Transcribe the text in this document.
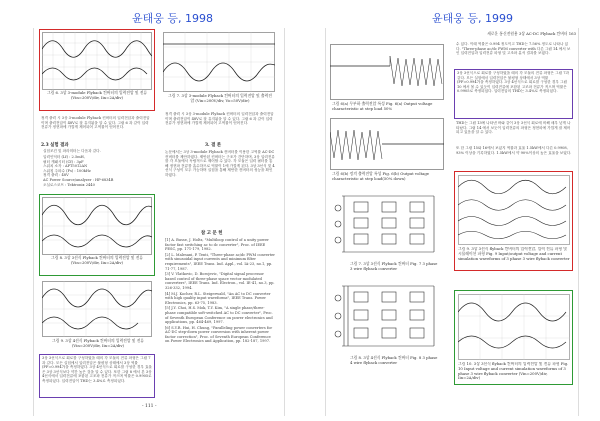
윤태웅 등, 1998	윤태웅 등, 1999
그림 6. 3상 3-module Flyback 컨버터의 입력전압 및 전류 (Vin=200V/div, Iin=2A/div)
정격 출력 시 3상 3-module Flyback 컨버터의 입력전압과 출력전압이며 출력전압이 48V로 잘 유지됨을 알 수 있다. 그림 6 과 같이 입력전류가 정현파에 가깝게 제어되어 고역률이 얻어진다.
2.3 실험 결과
실험조건 및 파라미터는 다음과 같다.
입력인덕터 (Lf) : 2.5mH,
필터 캐패시터 (Cf) : 3μF
스위치 소자 : APT5012AN
스위칭 주파수 (Fs) : 100kHz
정격 출력 : 48V
AC Power Source/analyzer : HP-6834B
오실로스코프 : Tektronix 2440
그림 8. 3상 3선식 Flyback 컨버터의 입력전압 및 전류 (Vin=200V/div, Iin=2A/div)
그림 9. 3상 4선식 Flyback 컨버터의 입력전압 및 전류 (Vin=200V/div, Iin=2A/div)
3상 3선식으로 회로를 구성하였을 때의 각 모듈의 전류 파형은 그림 7과 같다. 모든 실험에서 입력전압은 불평형 상태에서 3상 역률(PF=0.9947)을 측정하였다. 3상 4선식으로 회로를 구성한 경우 효율은 3상 3선식보다 약간 높은 것을 알 수 있다. 또한 그림 8 에서 본 3상4선식에서 입력전류에 포함된 고조파 전류가 적으며 역률은 0.9905로 측정되었다. 입력전압이 THD는 3.4%로 측정되었다.
그림 7. 3상 3-module Flyback 컨버터의 입력전압 및 출력전압 (Vin=200V/div, Vo=50V/div)
정격 출력 시 3상 3-module Flyback 컨버터의 입력전압과 출력전압이며 출력전압이 48V로 잘 유지됨을 알 수 있다. 그림 6 과 같이 입력전류가 정현파에 가깝게 제어되어 고역률이 얻어진다.
3. 결 론
논문에서는 3상 3-module Flyback 컨버터를 이용한 고역률 AC-DC 컨버터를 제안하였다. 제안된 컨버터는 구조가 간단하며, 3상 입력전류를 각 모듈에서 독립적으로 제어할 수 있다. 각 모듈은 입력 필터를 통해 정현파 전류를 흡수하므로 역률이 1에 가깝게 된다. 3상 3선식 및 4선식 구성이 모두 가능하며 실험을 통해 제안한 컨버터의 성능을 확인하였다.
참 고 문 헌
[1] A. Busse, J. Holtz, "Multiloop control of a unity power factor fast switching ac to dc converter", Proc. of IEEE PESC, pp. 171-179, 1982.
[2] L. Malesani, P. Tenti, "Three-phase ac/dc PWM converter with sinusoidal input currents and minimum filter requirements", IEEE Trans. Ind. Appl., vol. IA-23, no.1, pp. 71-77, 1987.
[3] V. Vlatkovic, D. Borojevic, "Digital signal processor based control of three-phase space vector modulated converters", IEEE Trans. Ind. Electron., vol. IE-41, no.3, pp. 326-332, 1994.
[4] M.J. Kocher, R.L. Steigerwald, "An AC to DC converter with high quality input waveforms", IEEE Trans. Power Electronics, pp. 63-75, 1983.
[5] J.Y. Choi, H.S. Mok, T.Y. Kim, "A single phase/three-phase compatible soft-switched AC to DC converter", Proc. of Seventh European Conference on power electronics and applications, pp. 464-469, 1997.
[6] S.Y.R. Hui, H. Chung, "Paralleling power converters for AC-DC step-down power conversion with inherent power factor correction", Proc. of Seventh European Conference on Power Electronics and Application, pp. 182-187, 1997.
- 111 -
새로운 통신전원용 3상 AC-DC Flyback 컨버터 163
그림 6(a) 무부하 출력전압 특성 Fig. 6(a) Output voltage characteristic at step load 50%
그림 6(b) 정격 출력전압 특성 Fig. 6(b) Output voltage characteristic at step load(50% down)
그림 7. 3상 3선식 Flyback 컨버터 Fig. 7 3 phase 3 wire flyback converter
그림 8. 3상 4선식 Flyback 컨버터 Fig. 8 3 phase 4 wire flyback converter
수 있다. 이때 역률은 0.994 정도이고 THD는 7.56% 정도로 나타나 있다. "Three-phase ac/dc PWM converter with 다른 그림 14 에서 보인 입력전압과 입력전류 파형 및 고조파 분석 결과를 보였다.
3상 3선식으로 회로를 구성하였을 때의 각 모듈의 전류 파형은 그림 7과 같다. 모든 실험에서 입력전압은 불평형 상태에서 3상 역률(PF=0.9947)을 측정하였다. 3상 4선식으로 회로를 구성한 경우 그림 10 에서 볼 수 있듯이 입력전류에 포함된 고조파 전류가 적으며 역률은 0.9905로 측정되었다. 입력전압의 THD는 3.4%로 측정되었다.
THD는 그림 13에 나타낸 바와 같이 3상 3선식 회로에 비해 매우 낮게 나타났다. 그림 14 에서 보듯이 입력전류의 파형은 정현파에 가깝게 잘 제어되고 있음을 알 수 있다.
또 한 그림 15와 16에서 보았지 역률과 효율 1.5kW에서 다른 0.9908, 93% 이상을 기록하였다. 1.5kW에서 약 90%이상의 높은 효율을 보였다.
그림 9. 3상 3선식 flyback 컨버터의 입력전압, 입력 전류 파형 및 시뮬레이션 파형 Fig. 9 Input/output voltage and current simulation waveforms of 3 phase 3 wire flyback converter
그림 10. 3상 3선식 flyback 컨버터의 입력전압 및 전류 파형 Fig. 10 Input voltage and current simulation waveforms of 3 phase 3 wire flyback converter (Vin=200V/div, Iin=2A/div)
